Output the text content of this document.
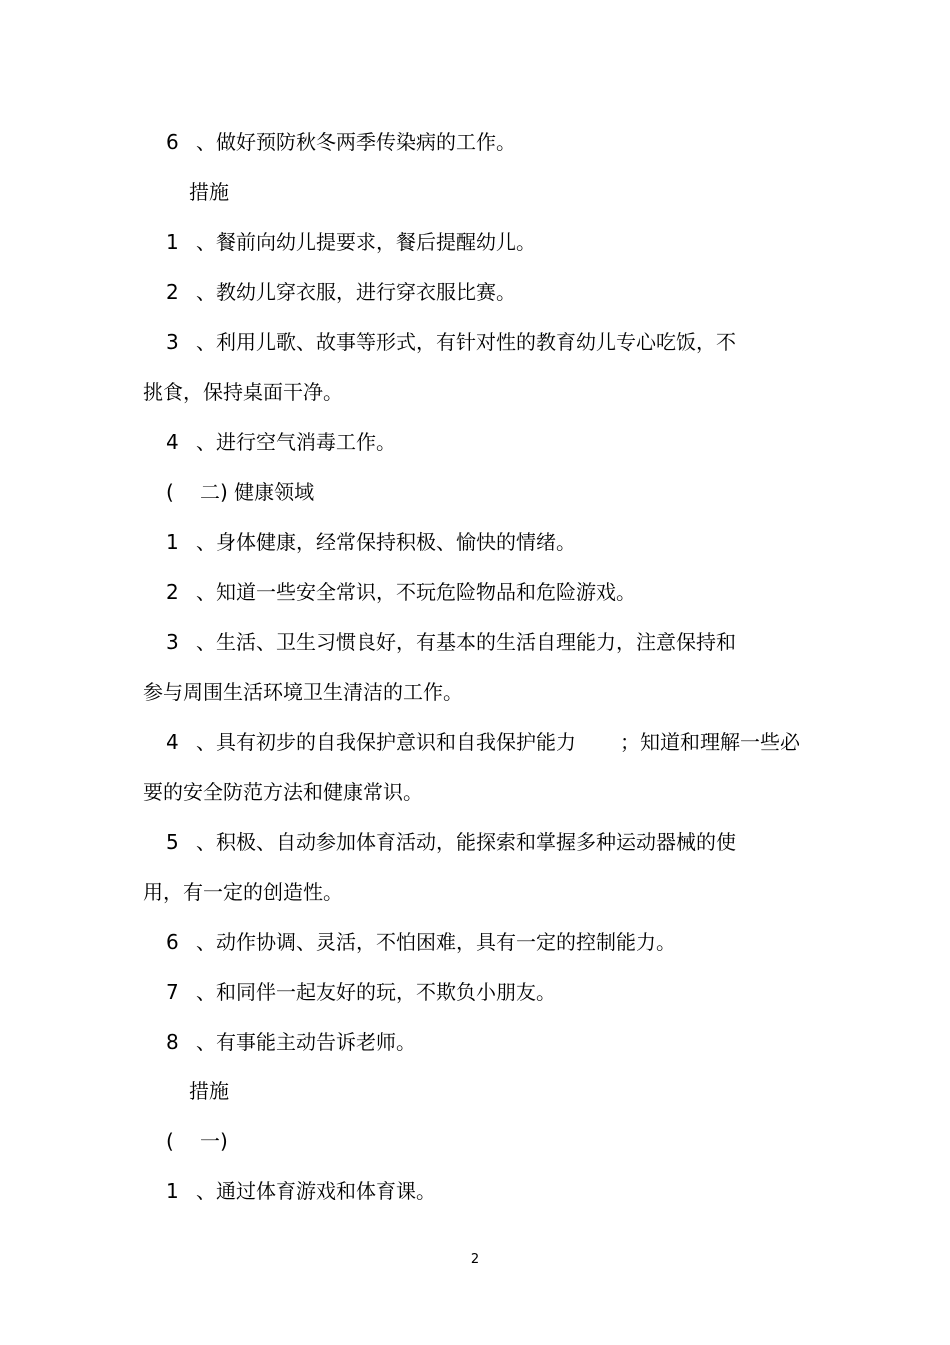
6 、做好预防秋冬两季传染病的工作。
措施
1 、餐前向幼儿提要求，餐后提醒幼儿。
2 、教幼儿穿衣服，进行穿衣服比赛。
3 、利用儿歌、故事等形式，有针对性的教育幼儿专心吃饭，不
挑食，保持桌面干净。
4 、进行空气消毒工作。
( 二) 健康领域
1 、身体健康，经常保持积极、愉快的情绪。
2 、知道一些安全常识，不玩危险物品和危险游戏。
3 、生活、卫生习惯良好，有基本的生活自理能力，注意保持和
参与周围生活环境卫生清洁的工作。
4 、具有初步的自我保护意识和自我保护能力 ；知道和理解一些必
要的安全防范方法和健康常识。
5 、积极、自动参加体育活动，能探索和掌握多种运动器械的使
用，有一定的创造性。
6 、动作协调、灵活，不怕困难，具有一定的控制能力。
7 、和同伴一起友好的玩，不欺负小朋友。
8 、有事能主动告诉老师。
措施
( 一)
1 、通过体育游戏和体育课。
2
